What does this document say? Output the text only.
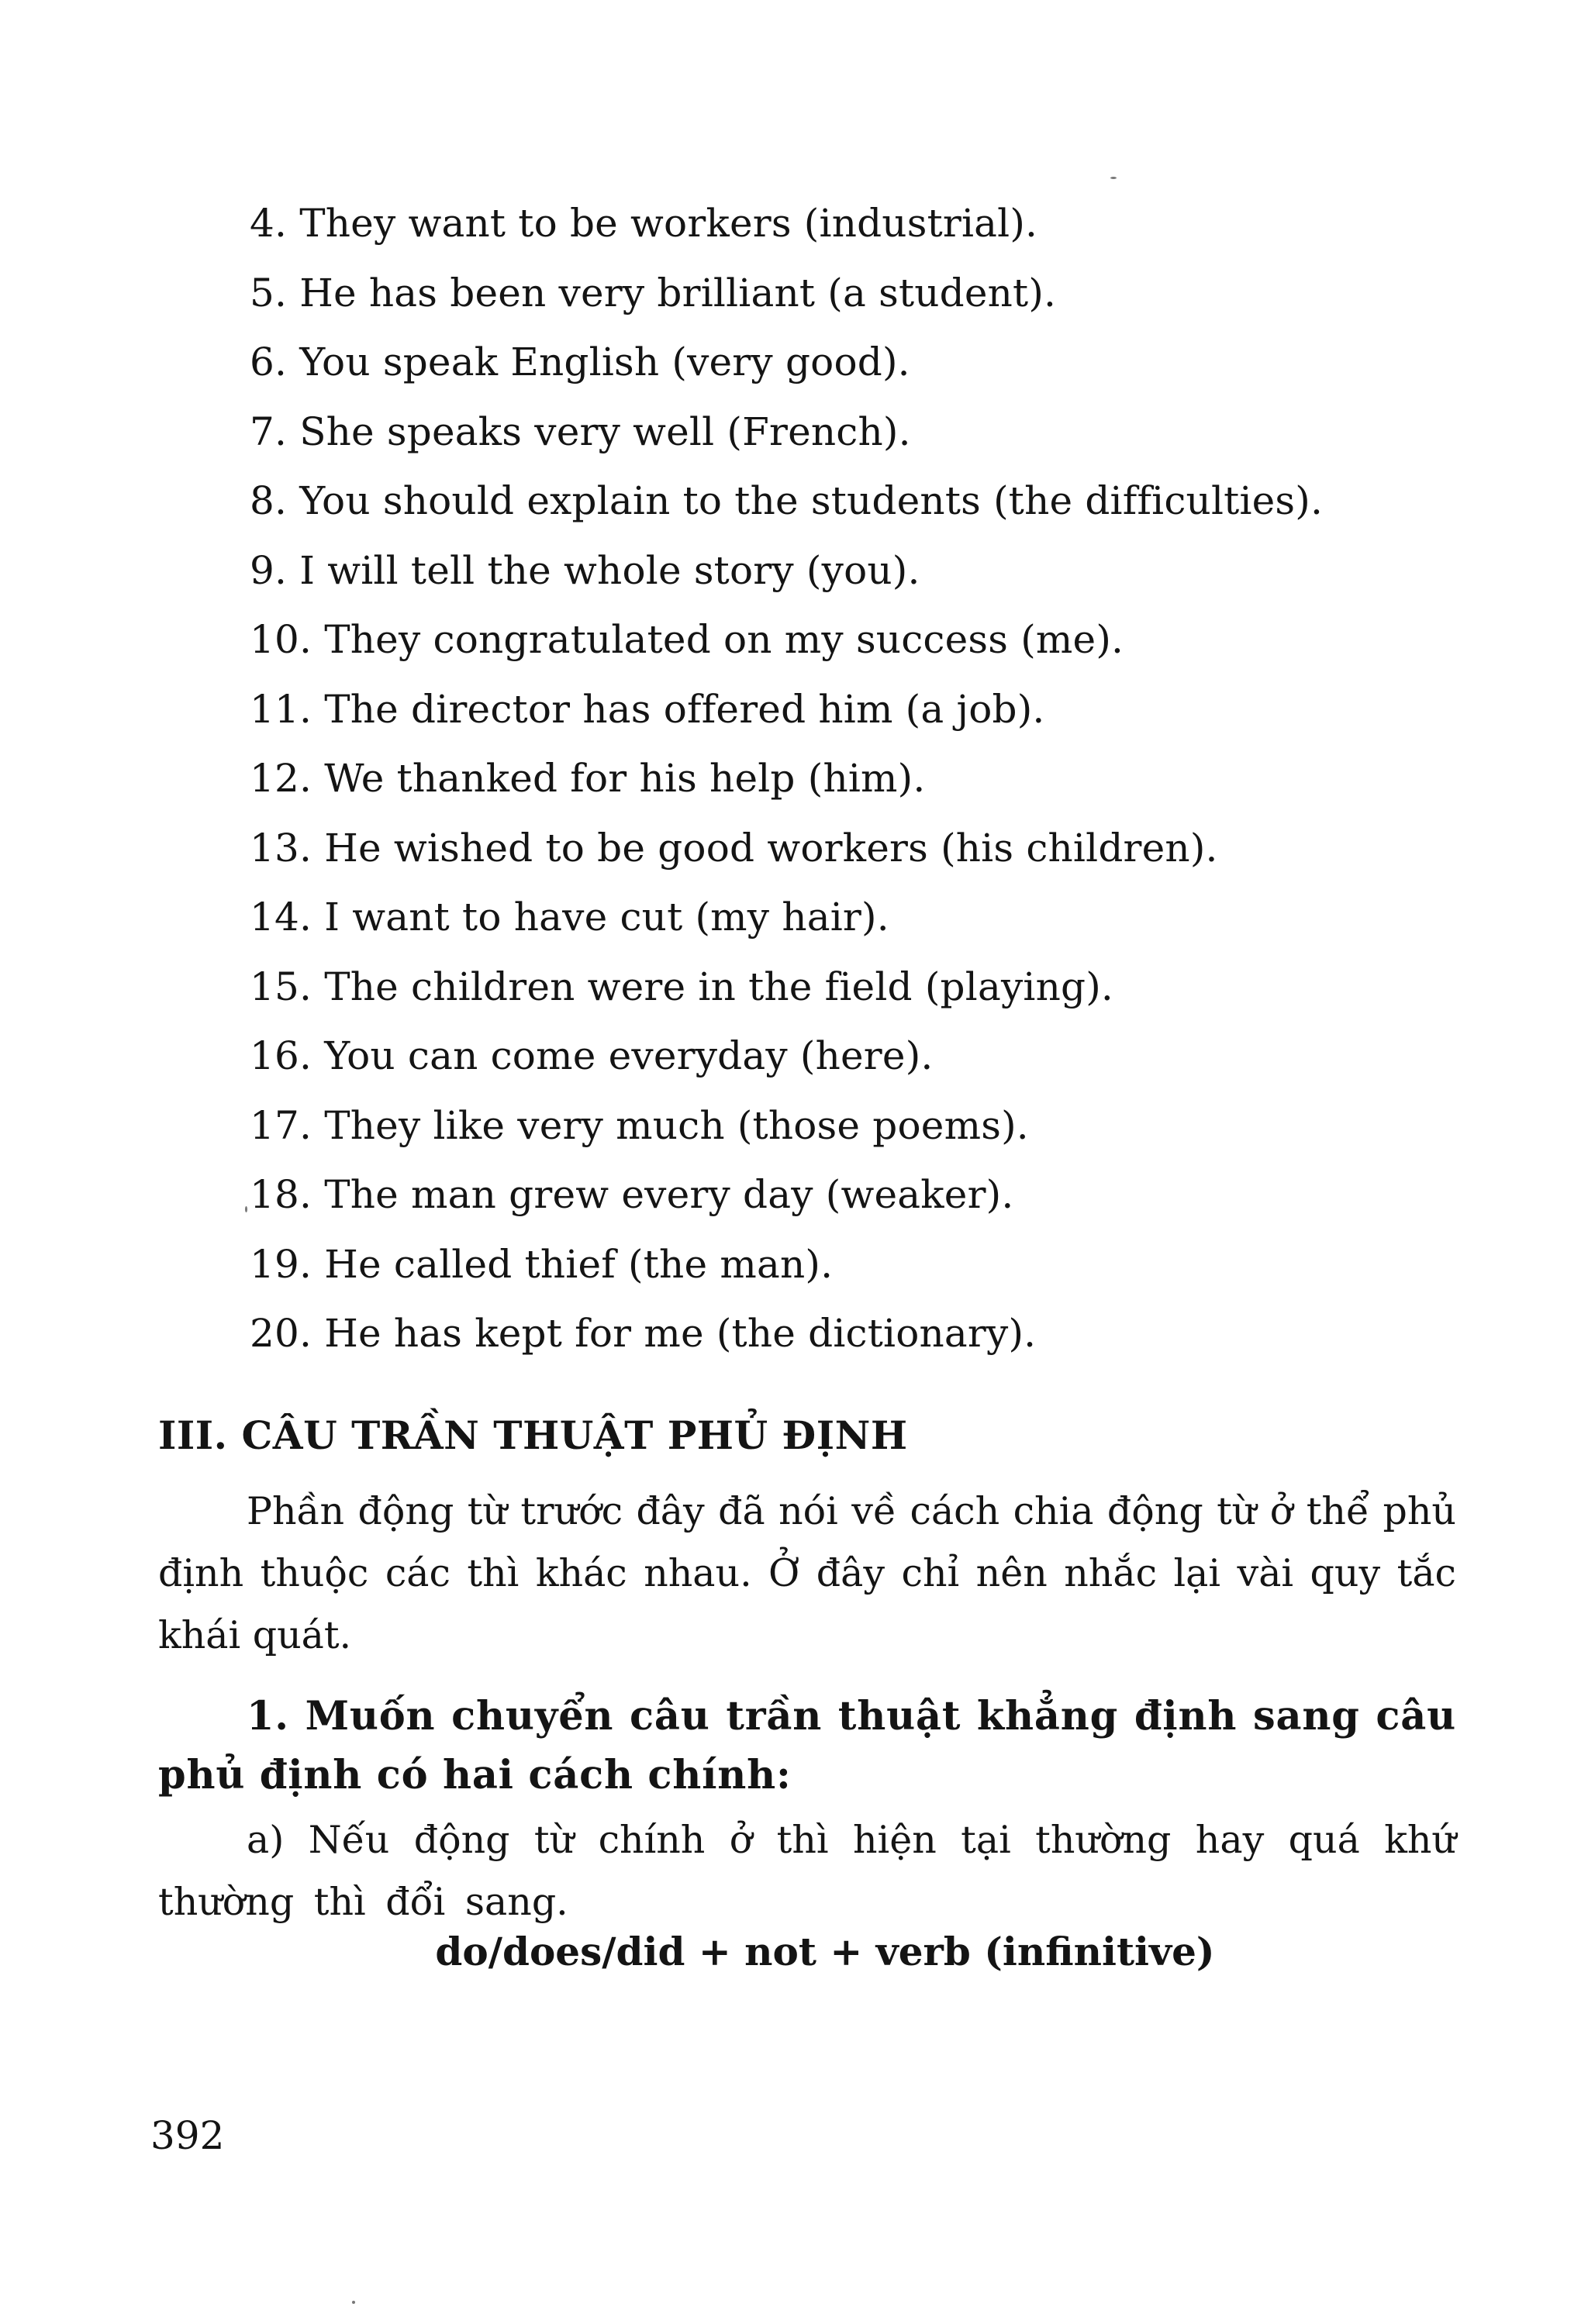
4. They want to be workers (industrial).
5. He has been very brilliant (a student).
6. You speak English (very good).
7. She speaks very well (French).
8. You should explain to the students (the difficulties).
9. I will tell the whole story (you).
10. They congratulated on my success (me).
11. The director has offered him (a job).
12. We thanked for his help (him).
13. He wished to be good workers (his children).
14. I want to have cut (my hair).
15. The children were in the field (playing).
16. You can come everyday (here).
17. They like very much (those poems).
18. The man grew every day (weaker).
19. He called thief (the man).
20. He has kept for me (the dictionary).
III. CÂU TRẦN THUẬT PHỦ ĐỊNH

Phần động từ trước đây đã nói về cách chia động từ ở thể phủ định thuộc các thì khác nhau. Ở đây chỉ nên nhắc lại vài quy tắc khái quát.

1. Muốn chuyển câu trần thuật khẳng định sang câu phủ định có hai cách chính:

a) Nếu động từ chính ở thì hiện tại thường hay quá khứ thường thì đổi sang.

do/does/did + not + verb (infinitive)

392
